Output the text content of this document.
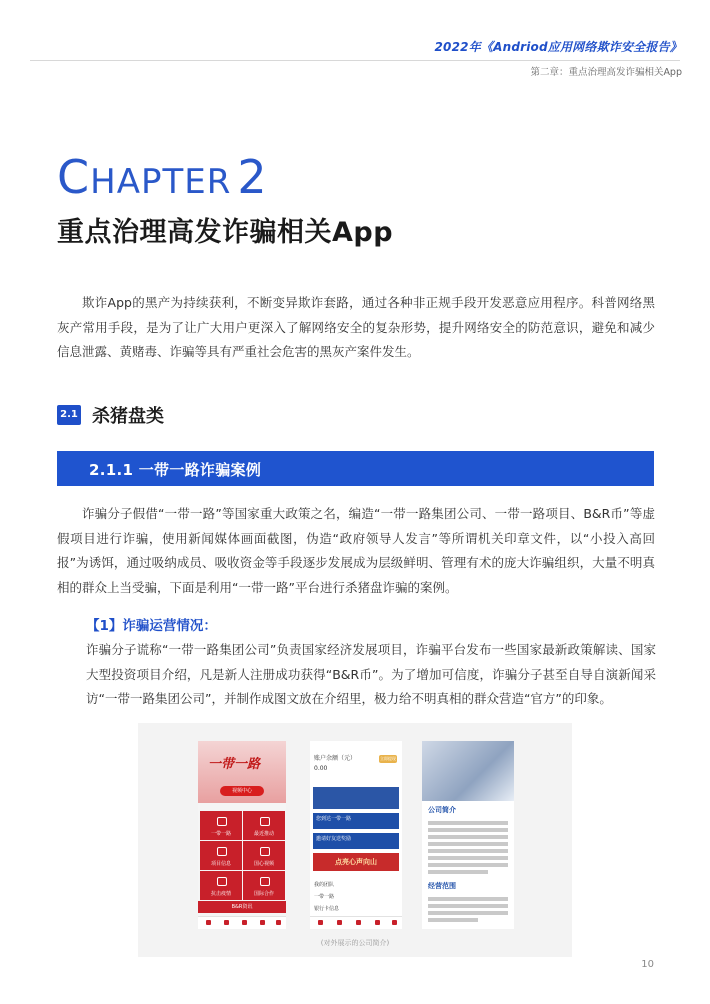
2022年《Andriod应用网络欺诈安全报告》
第二章：重点治理高发诈骗相关App
CHAPTER 2
重点治理高发诈骗相关App
欺诈App的黑产为持续获利，不断变异欺诈套路，通过各种非正规手段开发恶意应用程序。科普网络黑灰产常用手段，是为了让广大用户更深入了解网络安全的复杂形势，提升网络安全的防范意识，避免和减少信息泄露、黄赌毒、诈骗等具有严重社会危害的黑灰产案件发生。
2.1 杀猪盘类
2.1.1 一带一路诈骗案例
诈骗分子假借“一带一路”等国家重大政策之名，编造“一带一路集团公司、一带一路项目、B&R币”等虚假项目进行诈骗，使用新闻媒体画面截图，伪造“政府领导人发言”等所谓机关印章文件，以“小投入高回报”为诱饵，通过吸纳成员、吸收资金等手段逐步发展成为层级鲜明、管理有术的庞大诈骗组织，大量不明真相的群众上当受骗，下面是利用“一带一路”平台进行杀猪盘诈骗的案例。
【1】诈骗运营情况：
诈骗分子谎称“一带一路集团公司”负责国家经济发展项目，诈骗平台发布一些国家最新政策解读、国家大型投资项目介绍，凡是新人注册成功获得“B&R币”。为了增加可信度，诈骗分子甚至自导自演新闻采访“一带一路集团公司”，并制作成图文放在介绍里，极力给不明真相的群众营造“官方”的印象。
一带一路
视频中心
一带一路	最近推动
项目信息	国心视频
抗击疫情	国际合作
B&R资讯
账户余额（元）	立即提现
0.00
您到达一带一路
邀请好友送奖励
点亮心声向山
我的团队
一带一路
银行卡信息
公司简介
经营范围
(对外展示的公司简介)
10
